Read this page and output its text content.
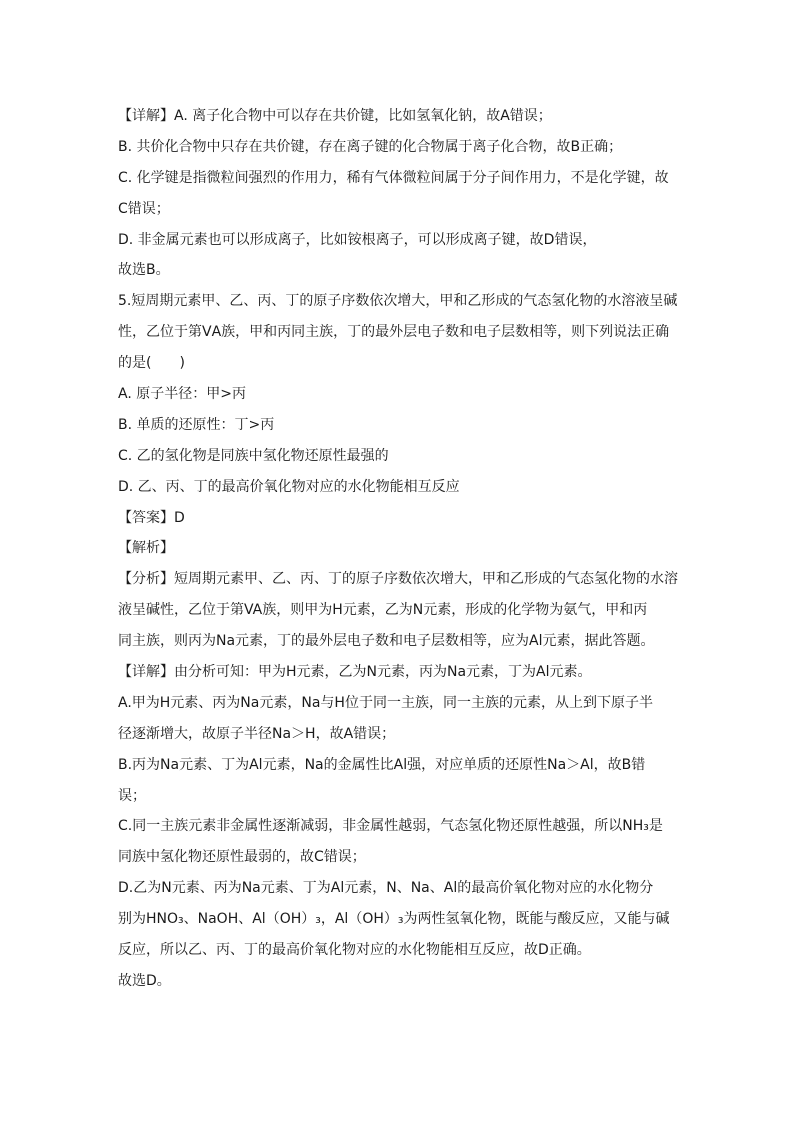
【详解】A. 离子化合物中可以存在共价键，比如氢氧化钠，故A错误；

B. 共价化合物中只存在共价键，存在离子键的化合物属于离子化合物，故B正确；

C. 化学键是指微粒间强烈的作用力，稀有气体微粒间属于分子间作用力，不是化学键，故

C错误；

D. 非金属元素也可以形成离子，比如铵根离子，可以形成离子键，故D错误，

故选B。

5.短周期元素甲、乙、丙、丁的原子序数依次增大，甲和乙形成的气态氢化物的水溶液呈碱

性，乙位于第ⅤA族，甲和丙同主族，丁的最外层电子数和电子层数相等，则下列说法正确

的是(　　)

A. 原子半径：甲>丙

B. 单质的还原性：丁>丙

C. 乙的氢化物是同族中氢化物还原性最强的

D. 乙、丙、丁的最高价氧化物对应的水化物能相互反应

【答案】D

【解析】

【分析】短周期元素甲、乙、丙、丁的原子序数依次增大，甲和乙形成的气态氢化物的水溶

液呈碱性，乙位于第VA族，则甲为H元素，乙为N元素，形成的化学物为氨气，甲和丙

同主族，则丙为Na元素，丁的最外层电子数和电子层数相等，应为Al元素，据此答题。

【详解】由分析可知：甲为H元素，乙为N元素，丙为Na元素，丁为Al元素。

A.甲为H元素、丙为Na元素，Na与H位于同一主族，同一主族的元素，从上到下原子半

径逐渐增大，故原子半径Na＞H，故A错误；

B.丙为Na元素、丁为Al元素，Na的金属性比Al强，对应单质的还原性Na＞Al，故B错

误；

C.同一主族元素非金属性逐渐减弱，非金属性越弱，气态氢化物还原性越强，所以NH₃是

同族中氢化物还原性最弱的，故C错误；

D.乙为N元素、丙为Na元素、丁为Al元素，N、Na、Al的最高价氧化物对应的水化物分

别为HNO₃、NaOH、Al（OH）₃，Al（OH）₃为两性氢氧化物，既能与酸反应，又能与碱

反应，所以乙、丙、丁的最高价氧化物对应的水化物能相互反应，故D正确。

故选D。
